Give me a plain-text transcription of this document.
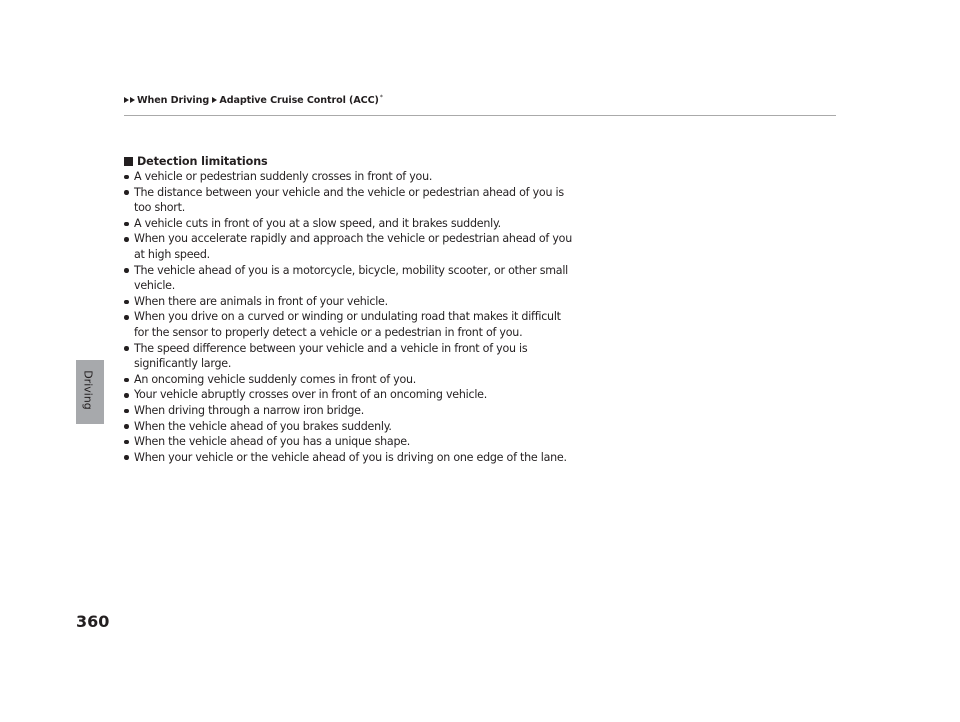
When Driving Adaptive Cruise Control (ACC)*
Driving
Detection limitations
A vehicle or pedestrian suddenly crosses in front of you.
The distance between your vehicle and the vehicle or pedestrian ahead of you is
too short.
A vehicle cuts in front of you at a slow speed, and it brakes suddenly.
When you accelerate rapidly and approach the vehicle or pedestrian ahead of you
at high speed.
The vehicle ahead of you is a motorcycle, bicycle, mobility scooter, or other small
vehicle.
When there are animals in front of your vehicle.
When you drive on a curved or winding or undulating road that makes it difficult
for the sensor to properly detect a vehicle or a pedestrian in front of you.
The speed difference between your vehicle and a vehicle in front of you is
significantly large.
An oncoming vehicle suddenly comes in front of you.
Your vehicle abruptly crosses over in front of an oncoming vehicle.
When driving through a narrow iron bridge.
When the vehicle ahead of you brakes suddenly.
When the vehicle ahead of you has a unique shape.
When your vehicle or the vehicle ahead of you is driving on one edge of the lane.
360
